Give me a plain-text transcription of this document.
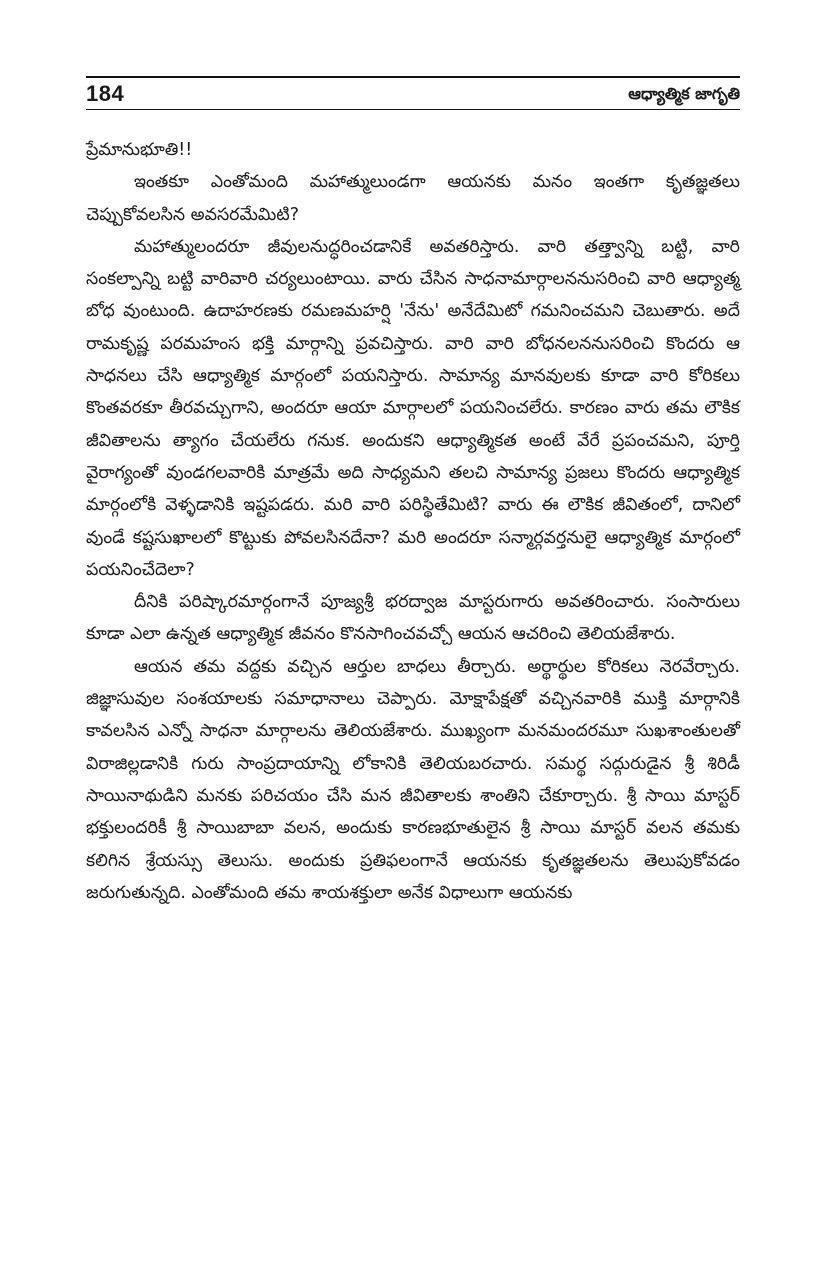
184	ఆధ్యాత్మిక జాగృతి

ప్రేమానుభూతి!!

ఇంతకూ ఎంతోమంది మహాత్ములుండగా ఆయనకు మనం ఇంతగా కృతజ్ఞతలు చెప్పుకోవలసిన అవసరమేమిటి?

మహాత్ములందరూ జీవులనుద్ధరించడానికే అవతరిస్తారు. వారి తత్త్వాన్ని బట్టి, వారి సంకల్పాన్ని బట్టి వారివారి చర్యలుంటాయి. వారు చేసిన సాధనామార్గాలననుసరించి వారి ఆధ్యాత్మ బోధ వుంటుంది. ఉదాహరణకు రమణమహర్షి 'నేను' అనేదేమిటో గమనించమని చెబుతారు. అదే రామకృష్ణ పరమహంస భక్తి మార్గాన్ని ప్రవచిస్తారు. వారి వారి బోధనలననుసరించి కొందరు ఆ సాధనలు చేసి ఆధ్యాత్మిక మార్గంలో పయనిస్తారు. సామాన్య మానవులకు కూడా వారి కోరికలు కొంతవరకూ తీరవచ్చుగాని, అందరూ ఆయా మార్గాలలో పయనించలేరు. కారణం వారు తమ లౌకిక జీవితాలను త్యాగం చేయలేరు గనుక. అందుకని ఆధ్యాత్మికత అంటే వేరే ప్రపంచమని, పూర్తి వైరాగ్యంతో వుండగలవారికి మాత్రమే అది సాధ్యమని తలచి సామాన్య ప్రజలు కొందరు ఆధ్యాత్మిక మార్గంలోకి వెళ్ళడానికి ఇష్టపడరు. మరి వారి పరిస్థితేమిటి? వారు ఈ లౌకిక జీవితంలో, దానిలో వుండే కష్టసుఖాలలో కొట్టుకు పోవలసినదేనా? మరి అందరూ సన్మార్గవర్తనులై ఆధ్యాత్మిక మార్గంలో పయనించేదెలా?

దీనికి పరిష్కారమార్గంగానే పూజ్యశ్రీ భరద్వాజ మాస్టరుగారు అవతరించారు. సంసారులు కూడా ఎలా ఉన్నత ఆధ్యాత్మిక జీవనం కొనసాగించవచ్చో ఆయన ఆచరించి తెలియజేశారు.

ఆయన తమ వద్దకు వచ్చిన ఆర్తుల బాధలు తీర్చారు. అర్థార్థుల కోరికలు నెరవేర్చారు. జిజ్ఞాసువుల సంశయాలకు సమాధానాలు చెప్పారు. మోక్షాపేక్షతో వచ్చినవారికి ముక్తి మార్గానికి కావలసిన ఎన్నో సాధనా మార్గాలను తెలియజేశారు. ముఖ్యంగా మనమందరమూ సుఖశాంతులతో విరాజిల్లడానికి గురు సాంప్రదాయాన్ని లోకానికి తెలియబరచారు. సమర్థ సద్గురుడైన శ్రీ శిరిడీ సాయినాథుడిని మనకు పరిచయం చేసి మన జీవితాలకు శాంతిని చేకూర్చారు. శ్రీ సాయి మాస్టర్ భక్తులందరికీ శ్రీ సాయిబాబా వలన, అందుకు కారణభూతులైన శ్రీ సాయి మాస్టర్ వలన తమకు కలిగిన శ్రేయస్సు తెలుసు. అందుకు ప్రతిఫలంగానే ఆయనకు కృతజ్ఞతలను తెలుపుకోవడం జరుగుతున్నది. ఎంతోమంది తమ శాయశక్తులా అనేక విధాలుగా ఆయనకు
